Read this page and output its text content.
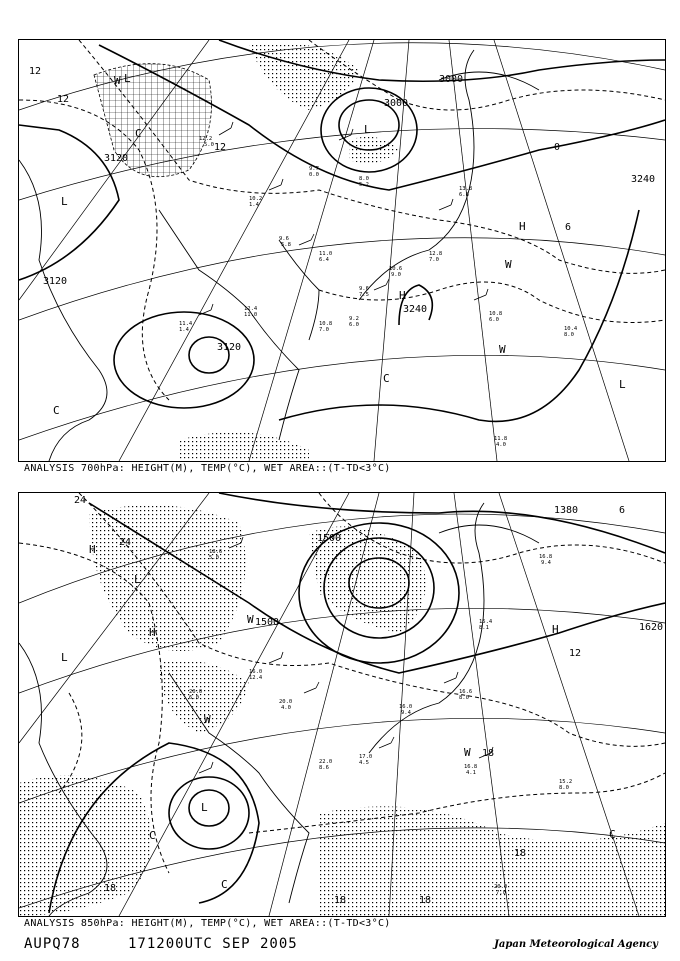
12.2
5.0
10.2
1.4
9.6
5.8
11.0
6.4
9.6
7.5
10.6
9.0
12.8
7.0
13.8
6.8
10.8
6.0
10.4
8.0
11.8
4.0
10.8
7.0
9.2
6.0
11.4
1.4
12.4
11.0
8.0
5.2
9.7
0.0
3000
3000
3120
3120
3120
3240
3240
12
12
12
6
0
L
L
L
L
W
W
W
C
C
C
H
H
ANALYSIS 700hPa: HEIGHT(M), TEMP(°C), WET AREA::(T-TD<3°C)
18.6
5.0
16.0
12.4
20.0
4.0
22.0
8.6
17.0
4.5
16.0
9.4
16.6
8.0
16.8
4.1
15.2
8.0
20.0
7.0
15.4
8.1
20.0
6.0
16.8
9.4
1500
1500
1380
1620
24
24
18
18
18	18
18
12
6
L
L
L
H
H	H
W
W
W
C
C
C
ANALYSIS 850hPa: HEIGHT(M), TEMP(°C), WET AREA::(T-TD<3°C)
AUPQ78	171200UTC SEP 2005	Japan Meteorological Agency
